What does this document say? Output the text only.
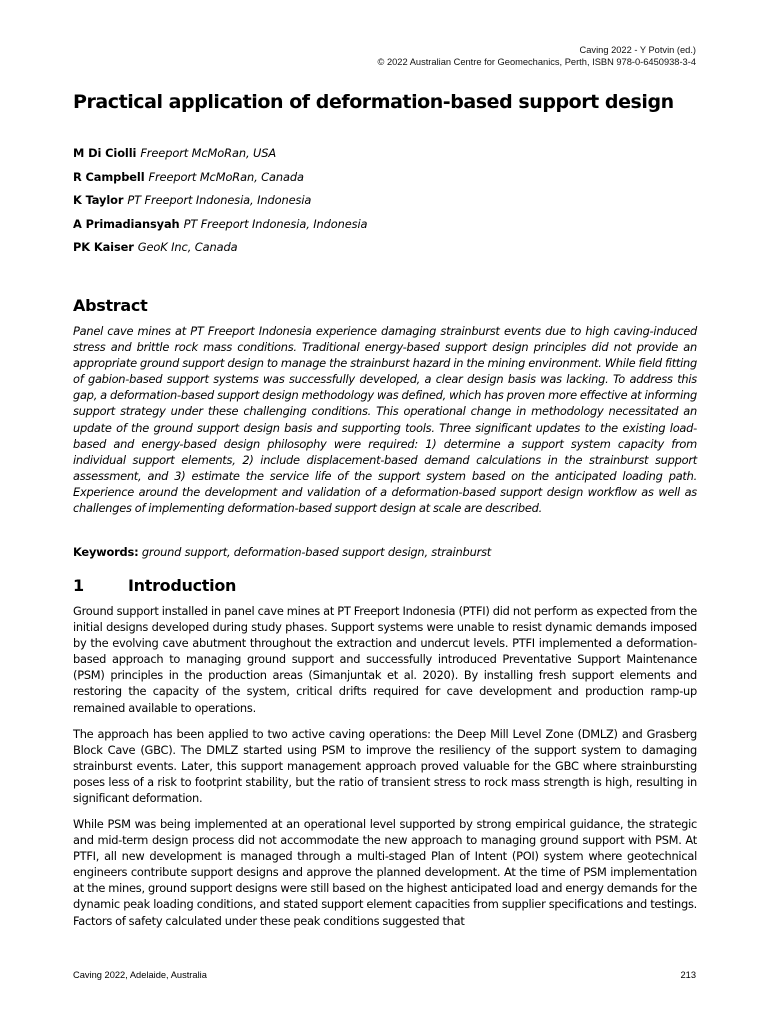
Caving 2022 - Y Potvin (ed.)
© 2022 Australian Centre for Geomechanics, Perth, ISBN 978-0-6450938-3-4
Practical application of deformation-based support design
M Di Ciolli Freeport McMoRan, USA
R Campbell Freeport McMoRan, Canada
K Taylor PT Freeport Indonesia, Indonesia
A Primadiansyah PT Freeport Indonesia, Indonesia
PK Kaiser GeoK Inc, Canada
Abstract

Panel cave mines at PT Freeport Indonesia experience damaging strainburst events due to high caving-induced stress and brittle rock mass conditions. Traditional energy-based support design principles did not provide an appropriate ground support design to manage the strainburst hazard in the mining environment. While field fitting of gabion-based support systems was successfully developed, a clear design basis was lacking. To address this gap, a deformation-based support design methodology was defined, which has proven more effective at informing support strategy under these challenging conditions. This operational change in methodology necessitated an update of the ground support design basis and supporting tools. Three significant updates to the existing load-based and energy-based design philosophy were required: 1) determine a support system capacity from individual support elements, 2) include displacement-based demand calculations in the strainburst support assessment, and 3) estimate the service life of the support system based on the anticipated loading path. Experience around the development and validation of a deformation-based support design workflow as well as challenges of implementing deformation-based support design at scale are described.

Keywords: ground support, deformation-based support design, strainburst

1	Introduction

Ground support installed in panel cave mines at PT Freeport Indonesia (PTFI) did not perform as expected from the initial designs developed during study phases. Support systems were unable to resist dynamic demands imposed by the evolving cave abutment throughout the extraction and undercut levels. PTFI implemented a deformation-based approach to managing ground support and successfully introduced Preventative Support Maintenance (PSM) principles in the production areas (Simanjuntak et al. 2020). By installing fresh support elements and restoring the capacity of the system, critical drifts required for cave development and production ramp-up remained available to operations.

The approach has been applied to two active caving operations: the Deep Mill Level Zone (DMLZ) and Grasberg Block Cave (GBC). The DMLZ started using PSM to improve the resiliency of the support system to damaging strainburst events. Later, this support management approach proved valuable for the GBC where strainbursting poses less of a risk to footprint stability, but the ratio of transient stress to rock mass strength is high, resulting in significant deformation.

While PSM was being implemented at an operational level supported by strong empirical guidance, the strategic and mid-term design process did not accommodate the new approach to managing ground support with PSM. At PTFI, all new development is managed through a multi-staged Plan of Intent (POI) system where geotechnical engineers contribute support designs and approve the planned development. At the time of PSM implementation at the mines, ground support designs were still based on the highest anticipated load and energy demands for the dynamic peak loading conditions, and stated support element capacities from supplier specifications and testings. Factors of safety calculated under these peak conditions suggested that

Caving 2022, Adelaide, Australia	213
